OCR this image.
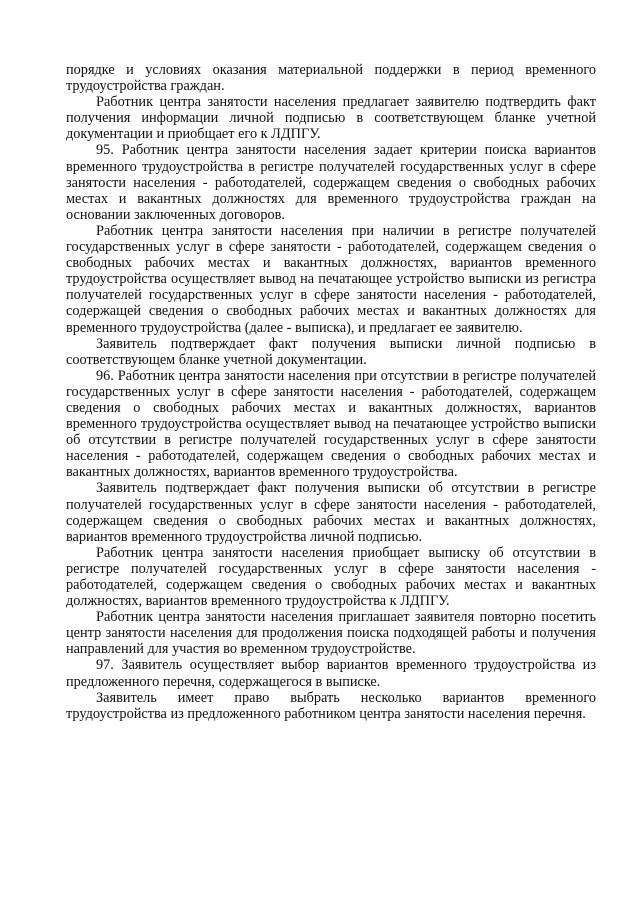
порядке и условиях оказания материальной поддержки в период временного трудоустройства граждан.

Работник центра занятости населения предлагает заявителю подтвердить факт получения информации личной подписью в соответствующем бланке учетной документации и приобщает его к ЛДПГУ.

95. Работник центра занятости населения задает критерии поиска вариантов временного трудоустройства в регистре получателей государственных услуг в сфере занятости населения - работодателей, содержащем сведения о свободных рабочих местах и вакантных должностях для временного трудоустройства граждан на основании заключенных договоров.

Работник центра занятости населения при наличии в регистре получателей государственных услуг в сфере занятости - работодателей, содержащем сведения о свободных рабочих местах и вакантных должностях, вариантов временного трудоустройства осуществляет вывод на печатающее устройство выписки из регистра получателей государственных услуг в сфере занятости населения - работодателей, содержащей сведения о свободных рабочих местах и вакантных должностях для временного трудоустройства (далее - выписка), и предлагает ее заявителю.

Заявитель подтверждает факт получения выписки личной подписью в соответствующем бланке учетной документации.

96. Работник центра занятости населения при отсутствии в регистре получателей государственных услуг в сфере занятости населения - работодателей, содержащем сведения о свободных рабочих местах и вакантных должностях, вариантов временного трудоустройства осуществляет вывод на печатающее устройство выписки об отсутствии в регистре получателей государственных услуг в сфере занятости населения - работодателей, содержащем сведения о свободных рабочих местах и вакантных должностях, вариантов временного трудоустройства.

Заявитель подтверждает факт получения выписки об отсутствии в регистре получателей государственных услуг в сфере занятости населения - работодателей, содержащем сведения о свободных рабочих местах и вакантных должностях, вариантов временного трудоустройства личной подписью.

Работник центра занятости населения приобщает выписку об отсутствии в регистре получателей государственных услуг в сфере занятости населения - работодателей, содержащем сведения о свободных рабочих местах и вакантных должностях, вариантов временного трудоустройства к ЛДПГУ.

Работник центра занятости населения приглашает заявителя повторно посетить центр занятости населения для продолжения поиска подходящей работы и получения направлений для участия во временном трудоустройстве.

97. Заявитель осуществляет выбор вариантов временного трудоустройства из предложенного перечня, содержащегося в выписке.

Заявитель имеет право выбрать несколько вариантов временного трудоустройства из предложенного работником центра занятости населения перечня.
